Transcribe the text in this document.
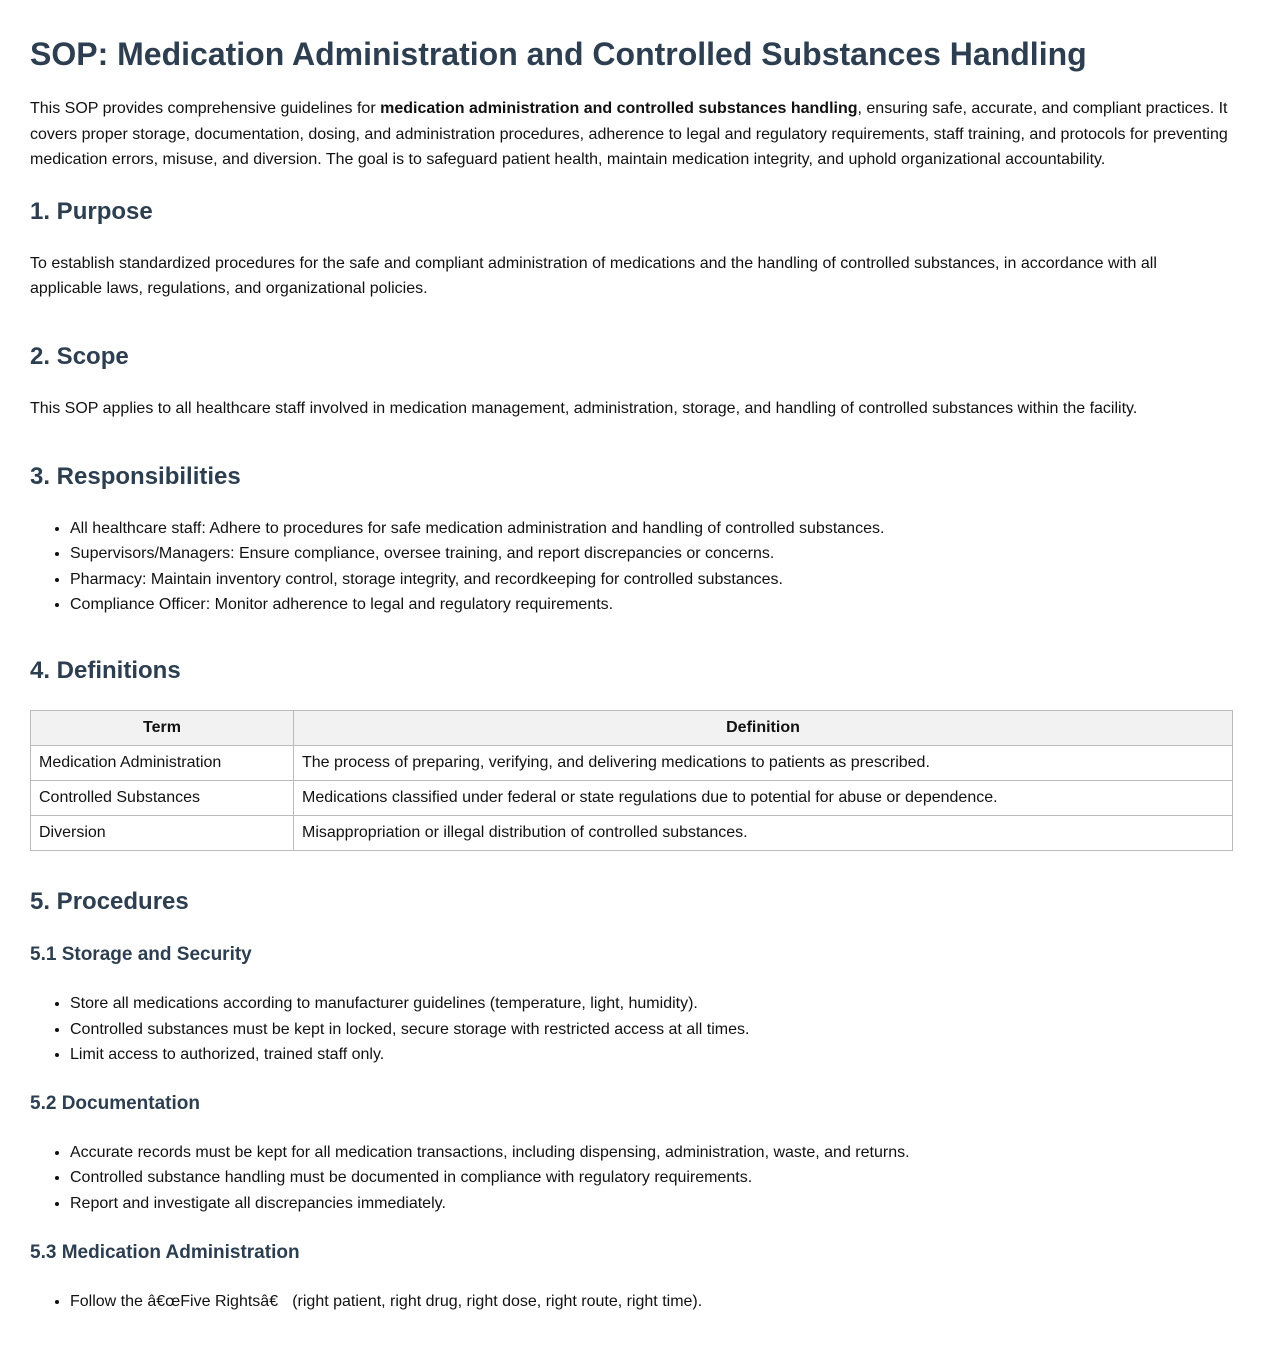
SOP: Medication Administration and Controlled Substances Handling

This SOP provides comprehensive guidelines for medication administration and controlled substances handling, ensuring safe, accurate, and compliant practices. It covers proper storage, documentation, dosing, and administration procedures, adherence to legal and regulatory requirements, staff training, and protocols for preventing medication errors, misuse, and diversion. The goal is to safeguard patient health, maintain medication integrity, and uphold organizational accountability.

1. Purpose

To establish standardized procedures for the safe and compliant administration of medications and the handling of controlled substances, in accordance with all applicable laws, regulations, and organizational policies.

2. Scope

This SOP applies to all healthcare staff involved in medication management, administration, storage, and handling of controlled substances within the facility.

3. Responsibilities
• All healthcare staff: Adhere to procedures for safe medication administration and handling of controlled substances.
• Supervisors/Managers: Ensure compliance, oversee training, and report discrepancies or concerns.
• Pharmacy: Maintain inventory control, storage integrity, and recordkeeping for controlled substances.
• Compliance Officer: Monitor adherence to legal and regulatory requirements.
4. Definitions
Term	Definition
Medication Administration	The process of preparing, verifying, and delivering medications to patients as prescribed.
Controlled Substances	Medications classified under federal or state regulations due to potential for abuse or dependence.
Diversion	Misappropriation or illegal distribution of controlled substances.
5. Procedures
5.1 Storage and Security
• Store all medications according to manufacturer guidelines (temperature, light, humidity).
• Controlled substances must be kept in locked, secure storage with restricted access at all times.
• Limit access to authorized, trained staff only.
5.2 Documentation
• Accurate records must be kept for all medication transactions, including dispensing, administration, waste, and returns.
• Controlled substance handling must be documented in compliance with regulatory requirements.
• Report and investigate all discrepancies immediately.
5.3 Medication Administration
• Follow the â€œFive Rightsâ€ (right patient, right drug, right dose, right route, right time).
